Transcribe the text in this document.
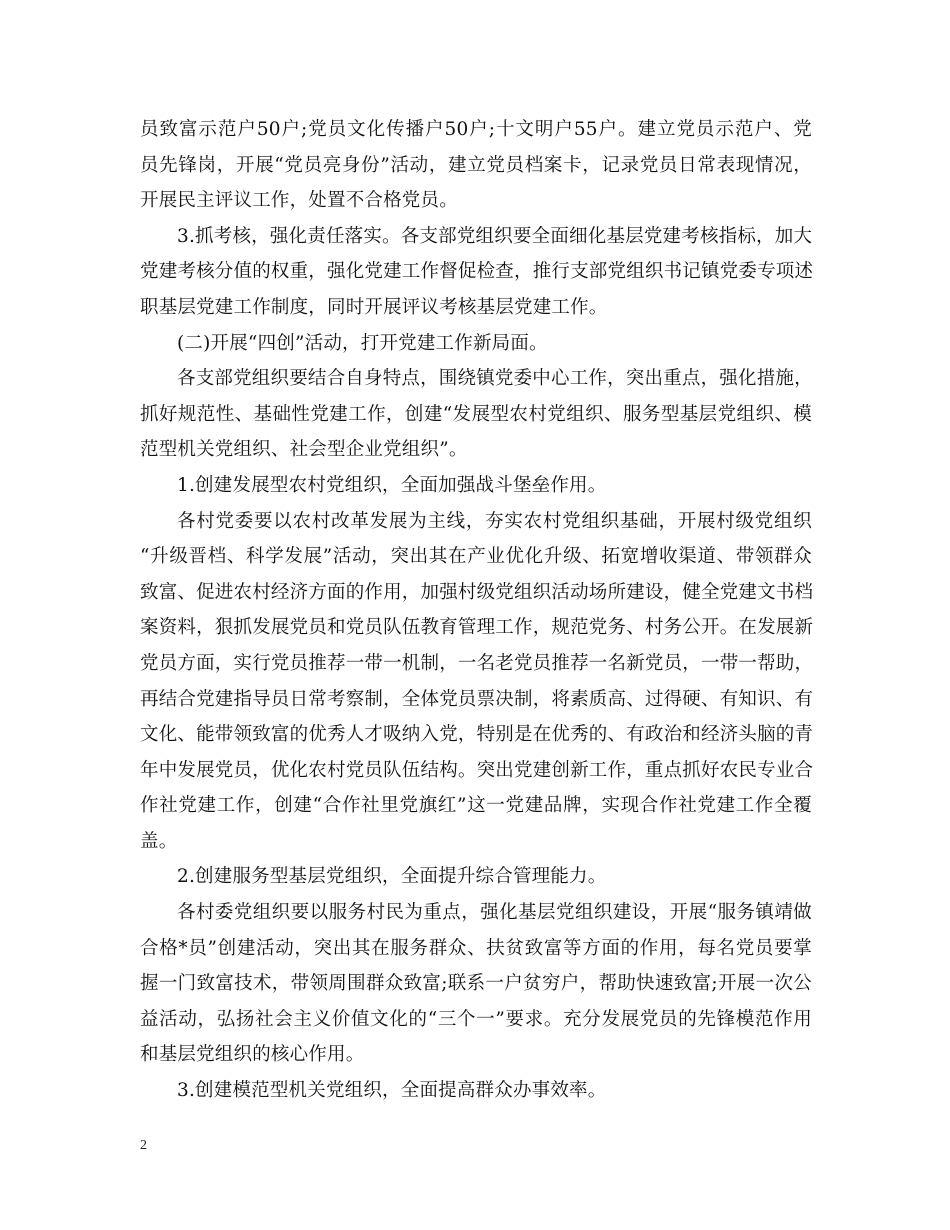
员致富示范户50户;党员文化传播户50户;十文明户55户。建立党员示范户、党
员先锋岗，开展“党员亮身份”活动，建立党员档案卡，记录党员日常表现情况，
开展民主评议工作，处置不合格党员。
3.抓考核，强化责任落实。各支部党组织要全面细化基层党建考核指标，加大
党建考核分值的权重，强化党建工作督促检查，推行支部党组织书记镇党委专项述
职基层党建工作制度，同时开展评议考核基层党建工作。
(二)开展“四创”活动，打开党建工作新局面。
各支部党组织要结合自身特点，围绕镇党委中心工作，突出重点，强化措施，
抓好规范性、基础性党建工作，创建“发展型农村党组织、服务型基层党组织、模
范型机关党组织、社会型企业党组织”。
1.创建发展型农村党组织，全面加强战斗堡垒作用。
各村党委要以农村改革发展为主线，夯实农村党组织基础，开展村级党组织
“升级晋档、科学发展”活动，突出其在产业优化升级、拓宽增收渠道、带领群众
致富、促进农村经济方面的作用，加强村级党组织活动场所建设，健全党建文书档
案资料，狠抓发展党员和党员队伍教育管理工作，规范党务、村务公开。在发展新
党员方面，实行党员推荐一带一机制，一名老党员推荐一名新党员，一带一帮助，
再结合党建指导员日常考察制，全体党员票决制，将素质高、过得硬、有知识、有
文化、能带领致富的优秀人才吸纳入党，特别是在优秀的、有政治和经济头脑的青
年中发展党员，优化农村党员队伍结构。突出党建创新工作，重点抓好农民专业合
作社党建工作，创建“合作社里党旗红”这一党建品牌，实现合作社党建工作全覆
盖。
2.创建服务型基层党组织，全面提升综合管理能力。
各村委党组织要以服务村民为重点，强化基层党组织建设，开展“服务镇靖做
合格*员”创建活动，突出其在服务群众、扶贫致富等方面的作用，每名党员要掌
握一门致富技术，带领周围群众致富;联系一户贫穷户，帮助快速致富;开展一次公
益活动，弘扬社会主义价值文化的“三个一”要求。充分发展党员的先锋模范作用
和基层党组织的核心作用。
3.创建模范型机关党组织，全面提高群众办事效率。
2
